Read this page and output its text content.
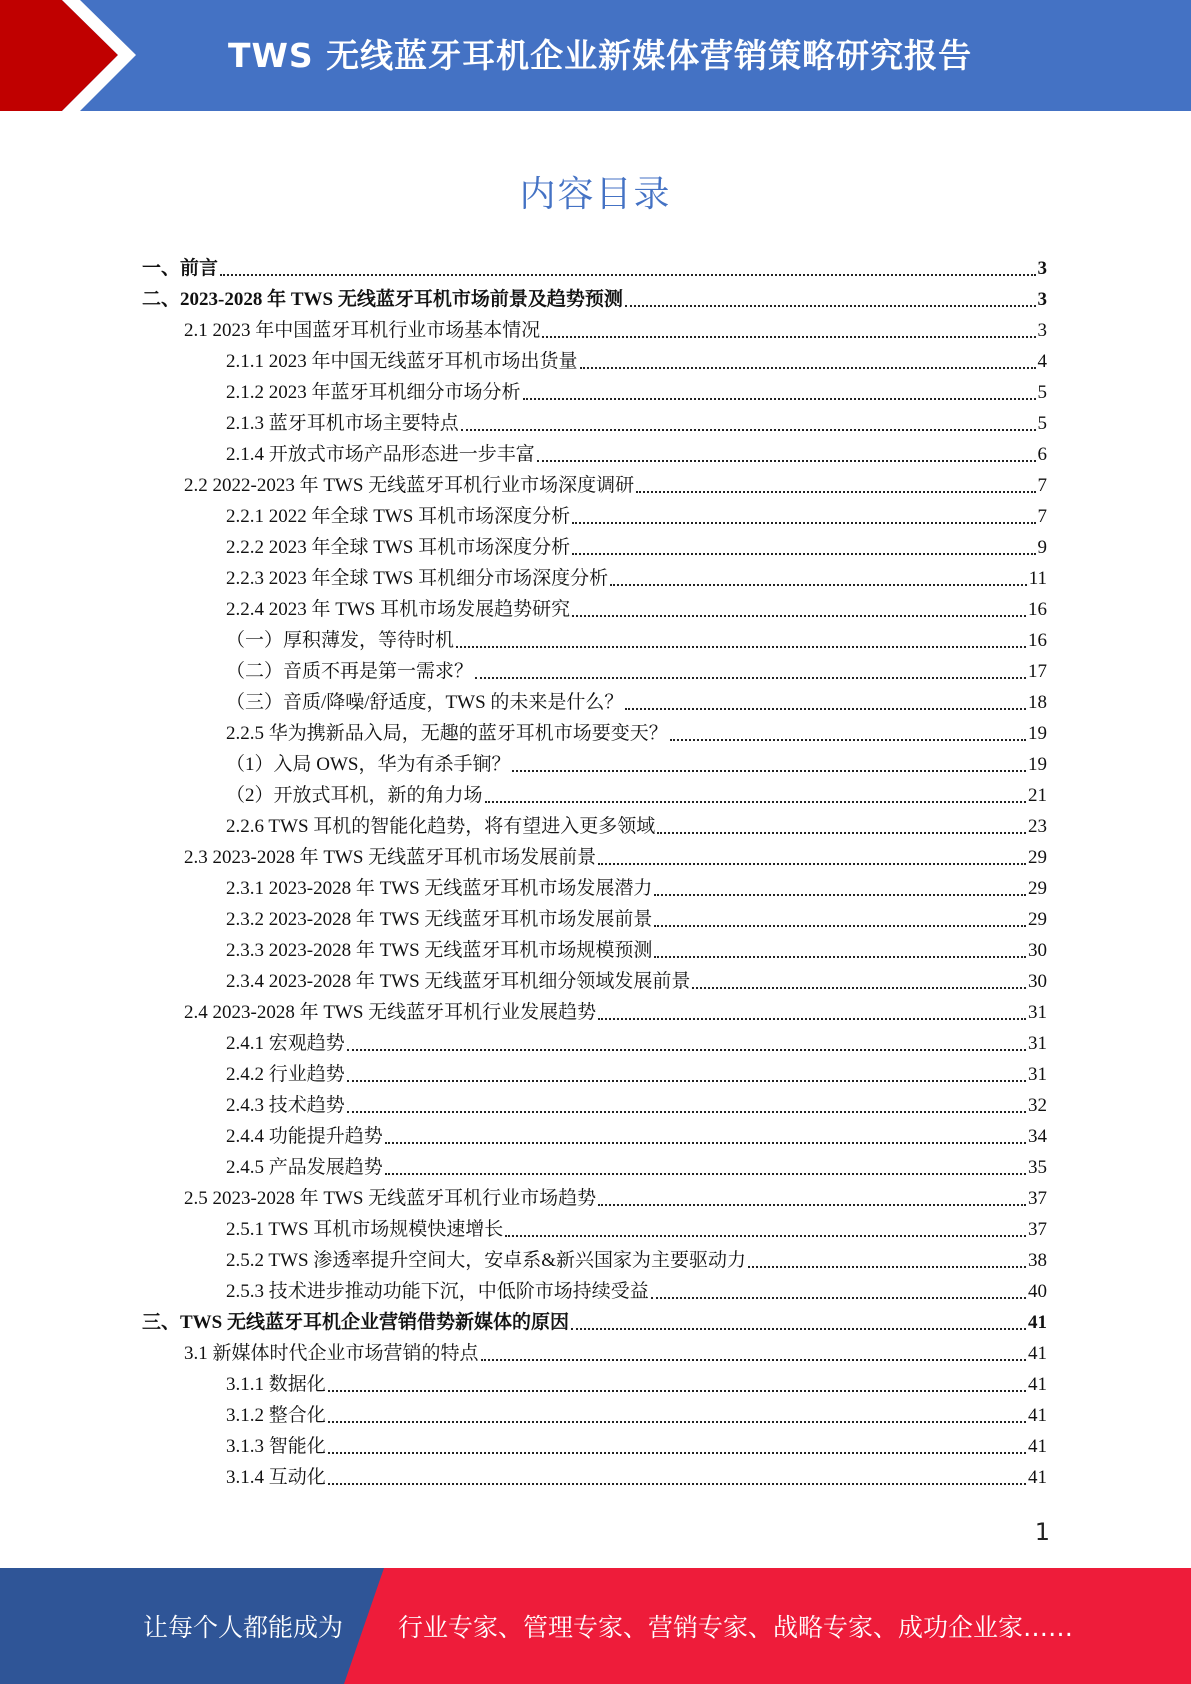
TWS 无线蓝牙耳机企业新媒体营销策略研究报告
内容目录
一、前言	3
二、2023-2028 年 TWS 无线蓝牙耳机市场前景及趋势预测	3
2.1 2023 年中国蓝牙耳机行业市场基本情况	3
2.1.1 2023 年中国无线蓝牙耳机市场出货量	4
2.1.2 2023 年蓝牙耳机细分市场分析	5
2.1.3 蓝牙耳机市场主要特点	5
2.1.4 开放式市场产品形态进一步丰富	6
2.2 2022-2023 年 TWS 无线蓝牙耳机行业市场深度调研	7
2.2.1 2022 年全球 TWS 耳机市场深度分析	7
2.2.2 2023 年全球 TWS 耳机市场深度分析	9
2.2.3 2023 年全球 TWS 耳机细分市场深度分析	11
2.2.4 2023 年 TWS 耳机市场发展趋势研究	16
（一）厚积薄发，等待时机	16
（二）音质不再是第一需求？	17
（三）音质/降噪/舒适度，TWS 的未来是什么？	18
2.2.5 华为携新品入局，无趣的蓝牙耳机市场要变天？	19
（1）入局 OWS，华为有杀手锏？	19
（2）开放式耳机，新的角力场	21
2.2.6 TWS 耳机的智能化趋势，将有望进入更多领域	23
2.3 2023-2028 年 TWS 无线蓝牙耳机市场发展前景	29
2.3.1 2023-2028 年 TWS 无线蓝牙耳机市场发展潜力	29
2.3.2 2023-2028 年 TWS 无线蓝牙耳机市场发展前景	29
2.3.3 2023-2028 年 TWS 无线蓝牙耳机市场规模预测	30
2.3.4 2023-2028 年 TWS 无线蓝牙耳机细分领域发展前景	30
2.4 2023-2028 年 TWS 无线蓝牙耳机行业发展趋势	31
2.4.1 宏观趋势	31
2.4.2 行业趋势	31
2.4.3 技术趋势	32
2.4.4 功能提升趋势	34
2.4.5 产品发展趋势	35
2.5 2023-2028 年 TWS 无线蓝牙耳机行业市场趋势	37
2.5.1 TWS 耳机市场规模快速增长	37
2.5.2 TWS 渗透率提升空间大，安卓系&新兴国家为主要驱动力	38
2.5.3 技术进步推动功能下沉，中低阶市场持续受益	40
三、TWS 无线蓝牙耳机企业营销借势新媒体的原因	41
3.1 新媒体时代企业市场营销的特点	41
3.1.1 数据化	41
3.1.2 整合化	41
3.1.3 智能化	41
3.1.4 互动化	41
1
让每个人都能成为 行业专家、管理专家、营销专家、战略专家、成功企业家……
